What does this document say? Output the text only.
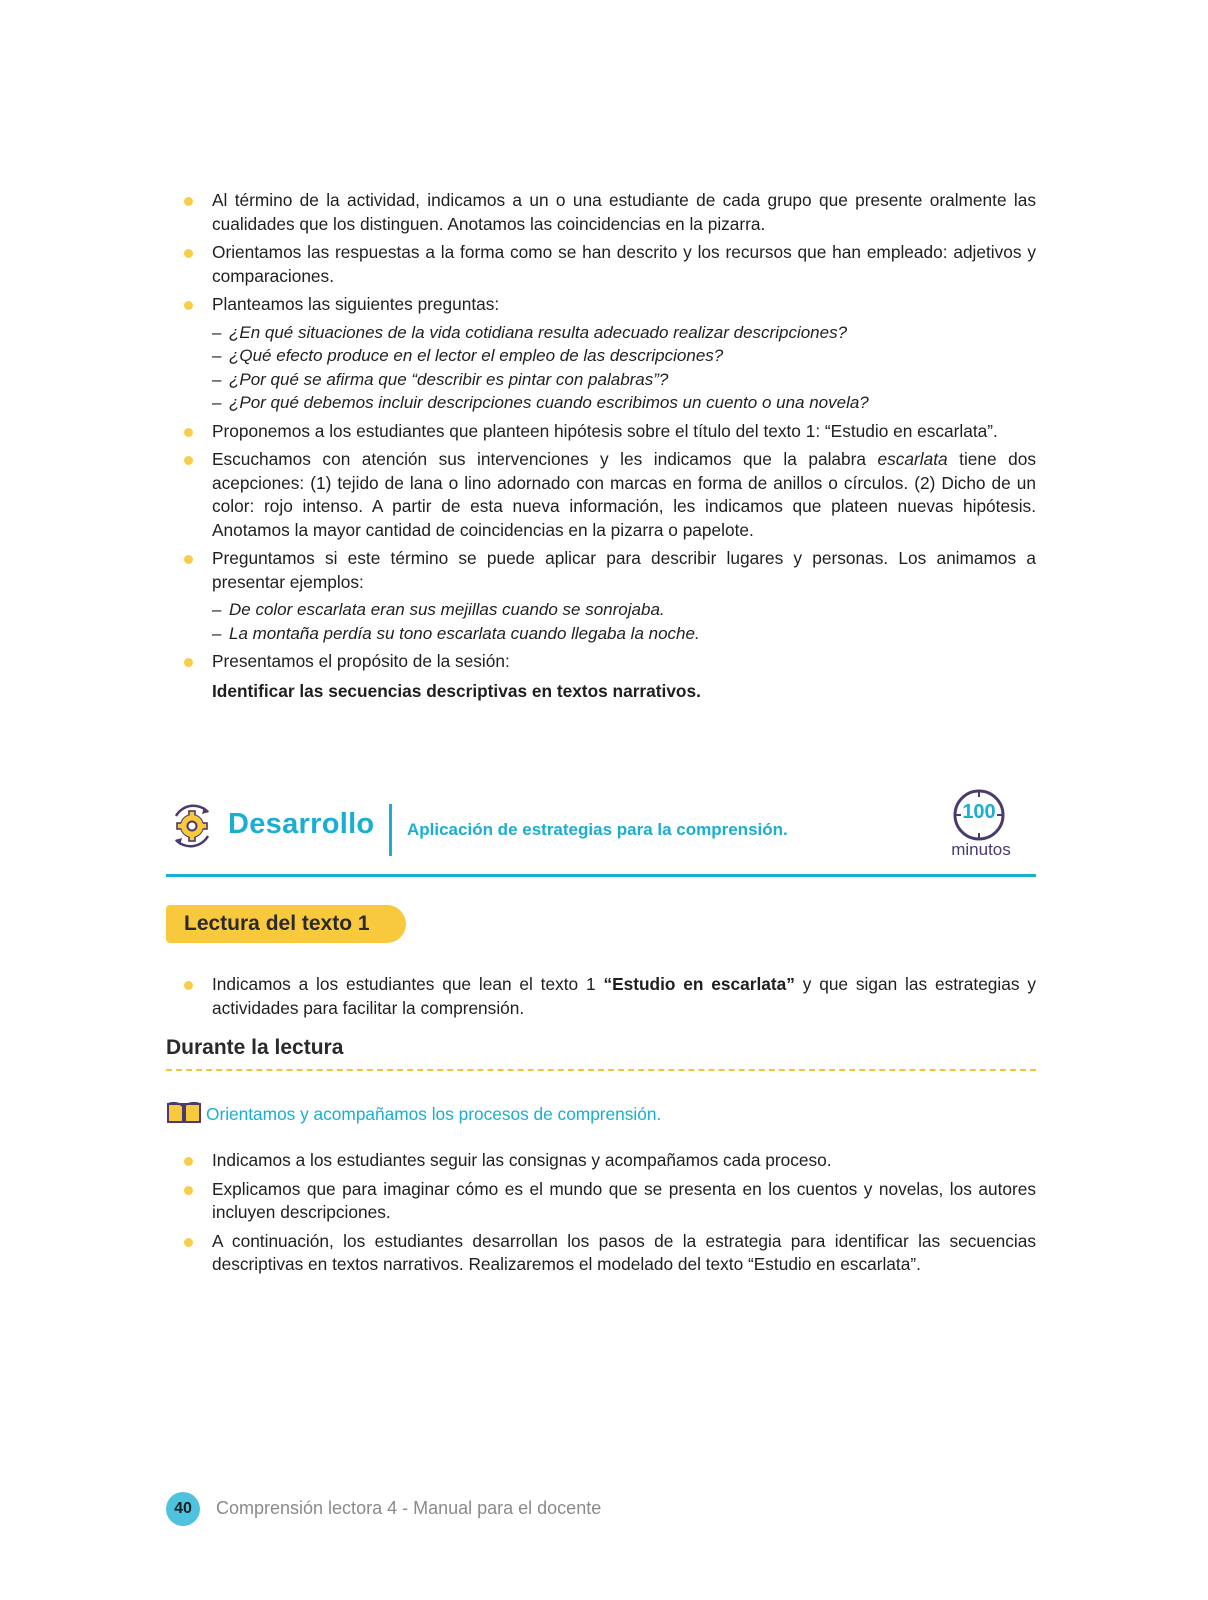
Al término de la actividad, indicamos a un o una estudiante de cada grupo que presente oralmente las cualidades que los distinguen. Anotamos las coincidencias en la pizarra.
Orientamos las respuestas a la forma como se han descrito y los recursos que han empleado: adjetivos y comparaciones.
Planteamos las siguientes preguntas:
– ¿En qué situaciones de la vida cotidiana resulta adecuado realizar descripciones?
– ¿Qué efecto produce en el lector el empleo de las descripciones?
– ¿Por qué se afirma que “describir es pintar con palabras”?
– ¿Por qué debemos incluir descripciones cuando escribimos un cuento o una novela?
Proponemos a los estudiantes que planteen hipótesis sobre el título del texto 1: “Estudio en escarlata”.
Escuchamos con atención sus intervenciones y les indicamos que la palabra escarlata tiene dos acepciones: (1) tejido de lana o lino adornado con marcas en forma de anillos o círculos. (2) Dicho de un color: rojo intenso. A partir de esta nueva información, les indicamos que plateen nuevas hipótesis. Anotamos la mayor cantidad de coincidencias en la pizarra o papelote.
Preguntamos si este término se puede aplicar para describir lugares y personas. Los animamos a presentar ejemplos:
– De color escarlata eran sus mejillas cuando se sonrojaba.
– La montaña perdía su tono escarlata cuando llegaba la noche.
Presentamos el propósito de la sesión:
Identificar las secuencias descriptivas en textos narrativos.
Desarrollo Aplicación de estrategias para la comprensión.
100
minutos
Lectura del texto 1
Indicamos a los estudiantes que lean el texto 1 “Estudio en escarlata” y que sigan las estrategias y actividades para facilitar la comprensión.
Durante la lectura
Orientamos y acompañamos los procesos de comprensión.
Indicamos a los estudiantes seguir las consignas y acompañamos cada proceso.
Explicamos que para imaginar cómo es el mundo que se presenta en los cuentos y novelas, los autores incluyen descripciones.
A continuación, los estudiantes desarrollan los pasos de la estrategia para identificar las secuencias descriptivas en textos narrativos. Realizaremos el modelado del texto “Estudio en escarlata”.
40	Comprensión lectora 4 - Manual para el docente
